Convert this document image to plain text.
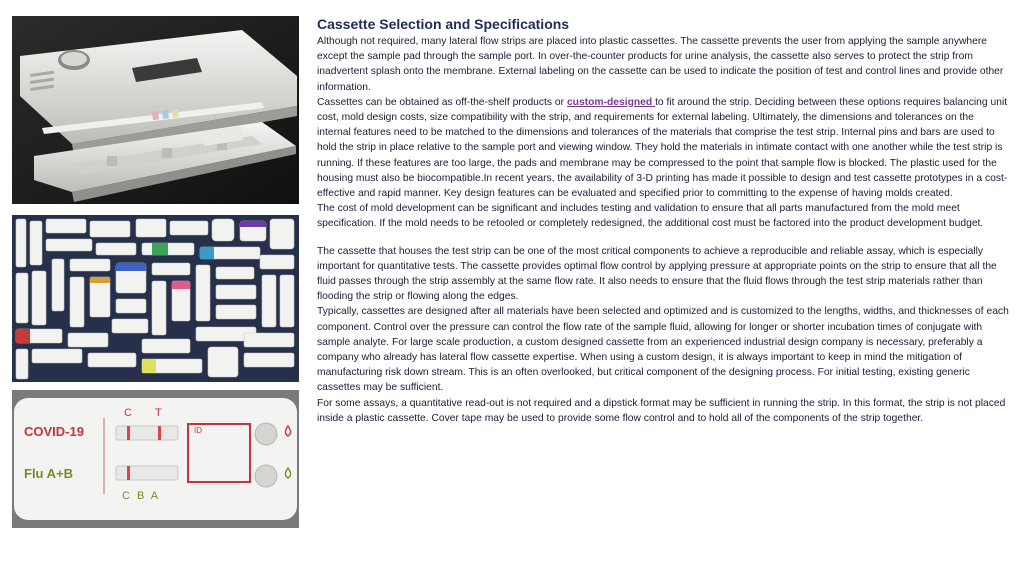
COVID-19
Flu A+B
C T
C B A
ID
Cassette Selection and Specifications

Although not required, many lateral flow strips are placed into plastic cassettes. The cassette prevents the user from applying the sample anywhere except the sample pad through the sample port. In over-the-counter products for urine analysis, the cassette also serves to protect the strip from inadvertent splash onto the membrane. External labeling on the cassette can be used to indicate the position of test and control lines and provide other information.

Cassettes can be obtained as off-the-shelf products or custom-designed to fit around the strip. Deciding between these options requires balancing unit cost, mold design costs, size compatibility with the strip, and requirements for external labeling. Ultimately, the dimensions and tolerances on the internal features need to be matched to the dimensions and tolerances of the materials that comprise the test strip. Internal pins and bars are used to hold the strip in place relative to the sample port and viewing window. They hold the materials in intimate contact with one another while the test strip is running. If these features are too large, the pads and membrane may be compressed to the point that sample flow is blocked. The plastic used for the housing must also be biocompatible.In recent years, the availability of 3-D printing has made it possible to design and test cassette prototypes in a cost-effective and rapid manner. Key design features can be evaluated and specified prior to committing to the expense of having molds created.

The cost of mold development can be significant and includes testing and validation to ensure that all parts manufactured from the mold meet specification. If the mold needs to be retooled or completely redesigned, the additional cost must be factored into the product development budget.

The cassette that houses the test strip can be one of the most critical components to achieve a reproducible and reliable assay, which is especially important for quantitative tests. The cassette provides optimal flow control by applying pressure at appropriate points on the strip to ensure that all the fluid passes through the strip assembly at the same flow rate. It also needs to ensure that the fluid flows through the test strip materials rather than flooding the strip or flowing along the edges.

Typically, cassettes are designed after all materials have been selected and optimized and is customized to the lengths, widths, and thicknesses of each component. Control over the pressure can control the flow rate of the sample fluid, allowing for longer or shorter incubation times of conjugate with sample analyte. For large scale production, a custom designed cassette from an experienced industrial design company is necessary, preferably a company who already has lateral flow cassette expertise. When using a custom design, it is always important to keep in mind the mitigation of manufacturing risk down stream. This is an often overlooked, but critical component of the designing process. For initial testing, existing generic cassettes may be sufficient.

For some assays, a quantitative read-out is not required and a dipstick format may be sufficient in running the strip. In this format, the strip is not placed inside a plastic cassette. Cover tape may be used to provide some flow control and to hold all of the components of the strip together.
